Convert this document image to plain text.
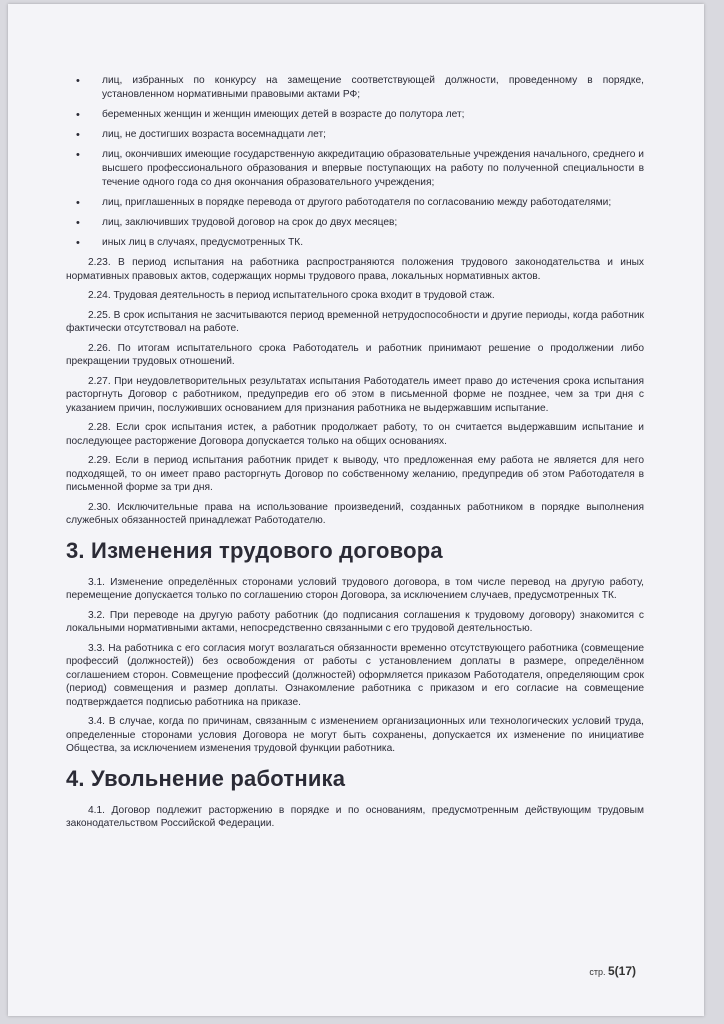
• лиц, избранных по конкурсу на замещение соответствующей должности, проведенному в порядке, установленном нормативными правовыми актами РФ;
• беременных женщин и женщин имеющих детей в возрасте до полутора лет;
• лиц, не достигших возраста восемнадцати лет;
• лиц, окончивших имеющие государственную аккредитацию образовательные учреждения начального, среднего и высшего профессионального образования и впервые поступающих на работу по полученной специальности в течение одного года со дня окончания образовательного учреждения;
• лиц, приглашенных в порядке перевода от другого работодателя по согласованию между работодателями;
• лиц, заключивших трудовой договор на срок до двух месяцев;
• иных лиц в случаях, предусмотренных ТК.

2.23. В период испытания на работника распространяются положения трудового законодательства и иных нормативных правовых актов, содержащих нормы трудового права, локальных нормативных актов.

2.24. Трудовая деятельность в период испытательного срока входит в трудовой стаж.

2.25. В срок испытания не засчитываются период временной нетрудоспособности и другие периоды, когда работник фактически отсутствовал на работе.

2.26. По итогам испытательного срока Работодатель и работник принимают решение о продолжении либо прекращении трудовых отношений.

2.27. При неудовлетворительных результатах испытания Работодатель имеет право до истечения срока испытания расторгнуть Договор с работником, предупредив его об этом в письменной форме не позднее, чем за три дня с указанием причин, послуживших основанием для признания работника не выдержавшим испытание.

2.28. Если срок испытания истек, а работник продолжает работу, то он считается выдержавшим испытание и последующее расторжение Договора допускается только на общих основаниях.

2.29. Если в период испытания работник придет к выводу, что предложенная ему работа не является для него подходящей, то он имеет право расторгнуть Договор по собственному желанию, предупредив об этом Работодателя в письменной форме за три дня.

2.30. Исключительные права на использование произведений, созданных работником в порядке выполнения служебных обязанностей принадлежат Работодателю.

3. Изменения трудового договора

3.1. Изменение определённых сторонами условий трудового договора, в том числе перевод на другую работу, перемещение допускается только по соглашению сторон Договора, за исключением случаев, предусмотренных ТК.

3.2. При переводе на другую работу работник (до подписания соглашения к трудовому договору) знакомится с локальными нормативными актами, непосредственно связанными с его трудовой деятельностью.

3.3. На работника с его согласия могут возлагаться обязанности временно отсутствующего работника (совмещение профессий (должностей)) без освобождения от работы с установлением доплаты в размере, определённом соглашением сторон. Совмещение профессий (должностей) оформляется приказом Работодателя, определяющим срок (период) совмещения и размер доплаты. Ознакомление работника с приказом и его согласие на совмещение подтверждается подписью работника на приказе.

3.4. В случае, когда по причинам, связанным с изменением организационных или технологических условий труда, определенные сторонами условия Договора не могут быть сохранены, допускается их изменение по инициативе Общества, за исключением изменения трудовой функции работника.

4. Увольнение работника

4.1. Договор подлежит расторжению в порядке и по основаниям, предусмотренным действующим трудовым законодательством Российской Федерации.

стр. 5(17)
